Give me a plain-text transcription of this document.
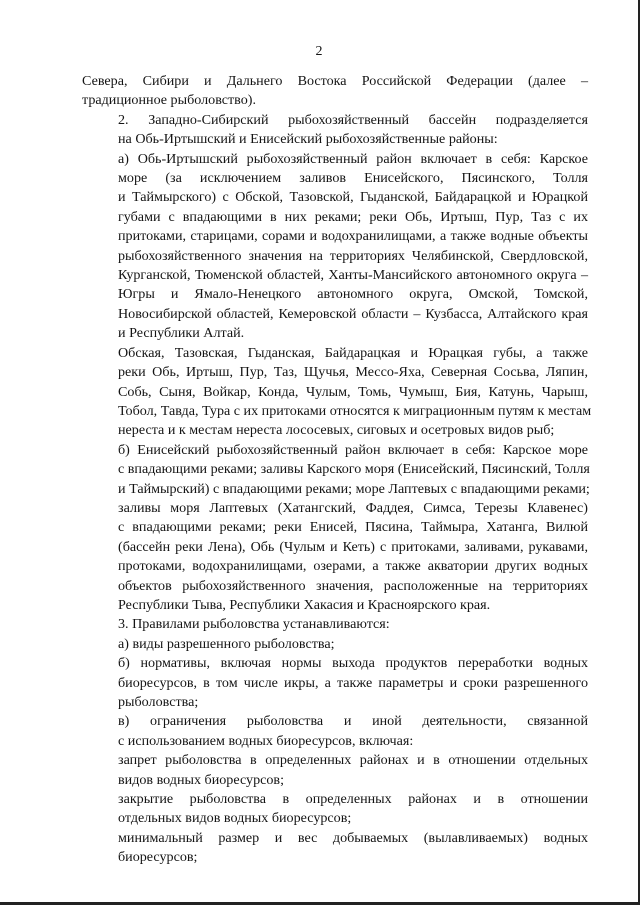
2

Севера, Сибири и Дальнего Востока Российской Федерации (далее –
традиционное рыболовство).

2. Западно-Сибирский рыбохозяйственный бассейн подразделяется
на Обь-Иртышский и Енисейский рыбохозяйственные районы:

а) Обь-Иртышский рыбохозяйственный район включает в себя: Карское
море (за исключением заливов Енисейского, Пясинского, Толля
и Таймырского) с Обской, Тазовской, Гыданской, Байдарацкой и Юрацкой
губами с впадающими в них реками; реки Обь, Иртыш, Пур, Таз с их
притоками, старицами, сорами и водохранилищами, а также водные объекты
рыбохозяйственного значения на территориях Челябинской, Свердловской,
Курганской, Тюменской областей, Ханты-Мансийского автономного округа –
Югры и Ямало-Ненецкого автономного округа, Омской, Томской,
Новосибирской областей, Кемеровской области – Кузбасса, Алтайского края
и Республики Алтай.

Обская, Тазовская, Гыданская, Байдарацкая и Юрацкая губы, а также
реки Обь, Иртыш, Пур, Таз, Щучья, Мессо-Яха, Северная Сосьва, Ляпин,
Собь, Сыня, Войкар, Конда, Чулым, Томь, Чумыш, Бия, Катунь, Чарыш,
Тобол, Тавда, Тура с их притоками относятся к миграционным путям к местам
нереста и к местам нереста лососевых, сиговых и осетровых видов рыб;

б) Енисейский рыбохозяйственный район включает в себя: Карское море
с впадающими реками; заливы Карского моря (Енисейский, Пясинский, Толля
и Таймырский) с впадающими реками; море Лаптевых с впадающими реками;
заливы моря Лаптевых (Хатангский, Фаддея, Симса, Терезы Клавенес)
с впадающими реками; реки Енисей, Пясина, Таймыра, Хатанга, Вилюй
(бассейн реки Лена), Обь (Чулым и Кеть) с притоками, заливами, рукавами,
протоками, водохранилищами, озерами, а также акватории других водных
объектов рыбохозяйственного значения, расположенные на территориях
Республики Тыва, Республики Хакасия и Красноярского края.

3. Правилами рыболовства устанавливаются:

а) виды разрешенного рыболовства;

б) нормативы, включая нормы выхода продуктов переработки водных
биоресурсов, в том числе икры, а также параметры и сроки разрешенного
рыболовства;

в) ограничения рыболовства и иной деятельности, связанной
с использованием водных биоресурсов, включая:

запрет рыболовства в определенных районах и в отношении отдельных
видов водных биоресурсов;

закрытие рыболовства в определенных районах и в отношении
отдельных видов водных биоресурсов;

минимальный размер и вес добываемых (вылавливаемых) водных
биоресурсов;
